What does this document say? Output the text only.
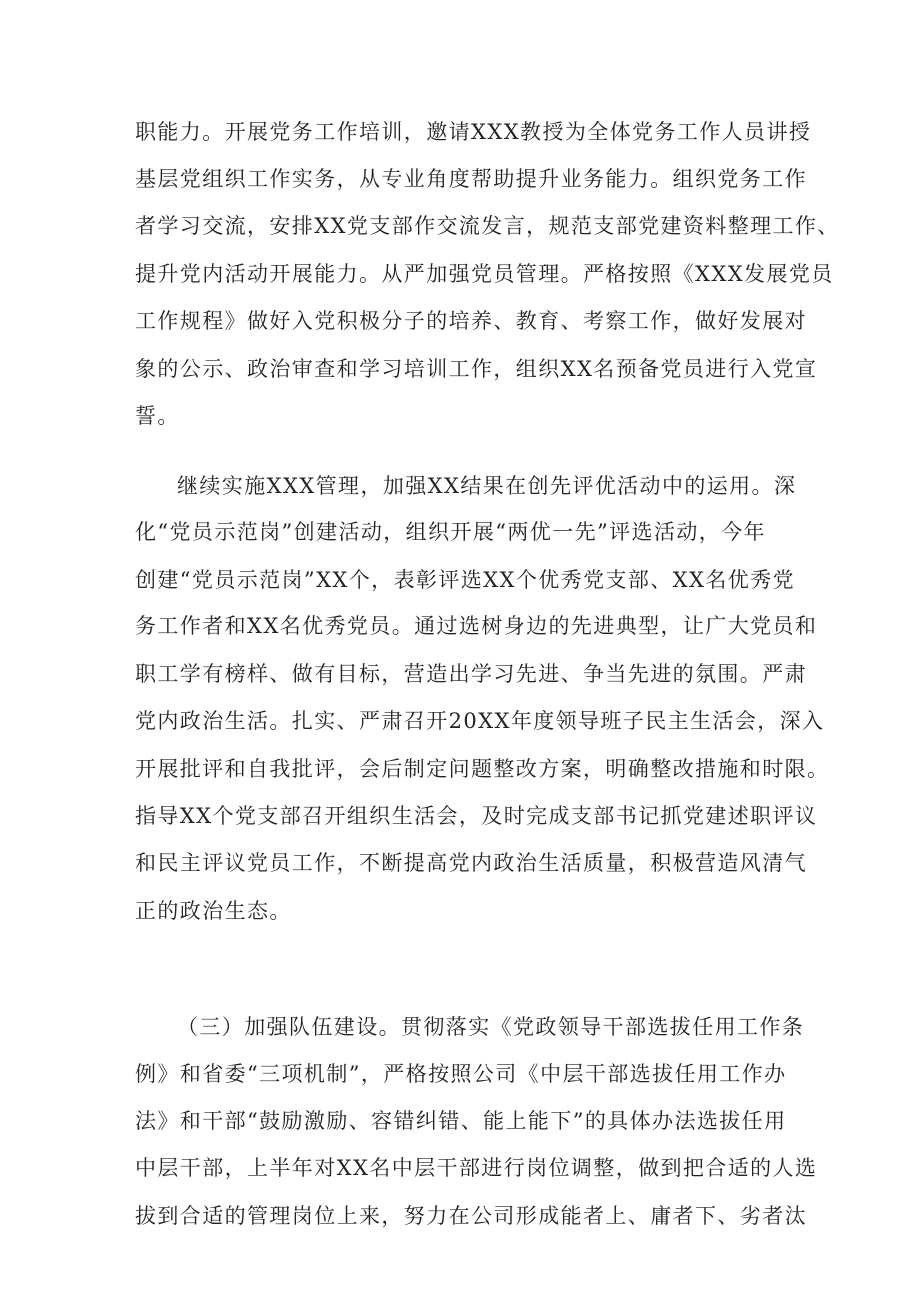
职能力。开展党务工作培训，邀请XXX教授为全体党务工作人员讲授

基层党组织工作实务，从专业角度帮助提升业务能力。组织党务工作

者学习交流，安排XX党支部作交流发言，规范支部党建资料整理工作、

提升党内活动开展能力。从严加强党员管理。严格按照《XXX发展党员

工作规程》做好入党积极分子的培养、教育、考察工作，做好发展对

象的公示、政治审查和学习培训工作，组织XX名预备党员进行入党宣

誓。

继续实施XXX管理，加强XX结果在创先评优活动中的运用。深

化“党员示范岗”创建活动，组织开展“两优一先”评选活动，今年

创建“党员示范岗”XX个，表彰评选XX个优秀党支部、XX名优秀党

务工作者和XX名优秀党员。通过选树身边的先进典型，让广大党员和

职工学有榜样、做有目标，营造出学习先进、争当先进的氛围。严肃

党内政治生活。扎实、严肃召开20XX年度领导班子民主生活会，深入

开展批评和自我批评，会后制定问题整改方案，明确整改措施和时限。

指导XX个党支部召开组织生活会，及时完成支部书记抓党建述职评议

和民主评议党员工作，不断提高党内政治生活质量，积极营造风清气

正的政治生态。

（三）加强队伍建设。贯彻落实《党政领导干部选拔任用工作条

例》和省委“三项机制”，严格按照公司《中层干部选拔任用工作办

法》和干部“鼓励激励、容错纠错、能上能下”的具体办法选拔任用

中层干部，上半年对XX名中层干部进行岗位调整，做到把合适的人选

拔到合适的管理岗位上来，努力在公司形成能者上、庸者下、劣者汰
